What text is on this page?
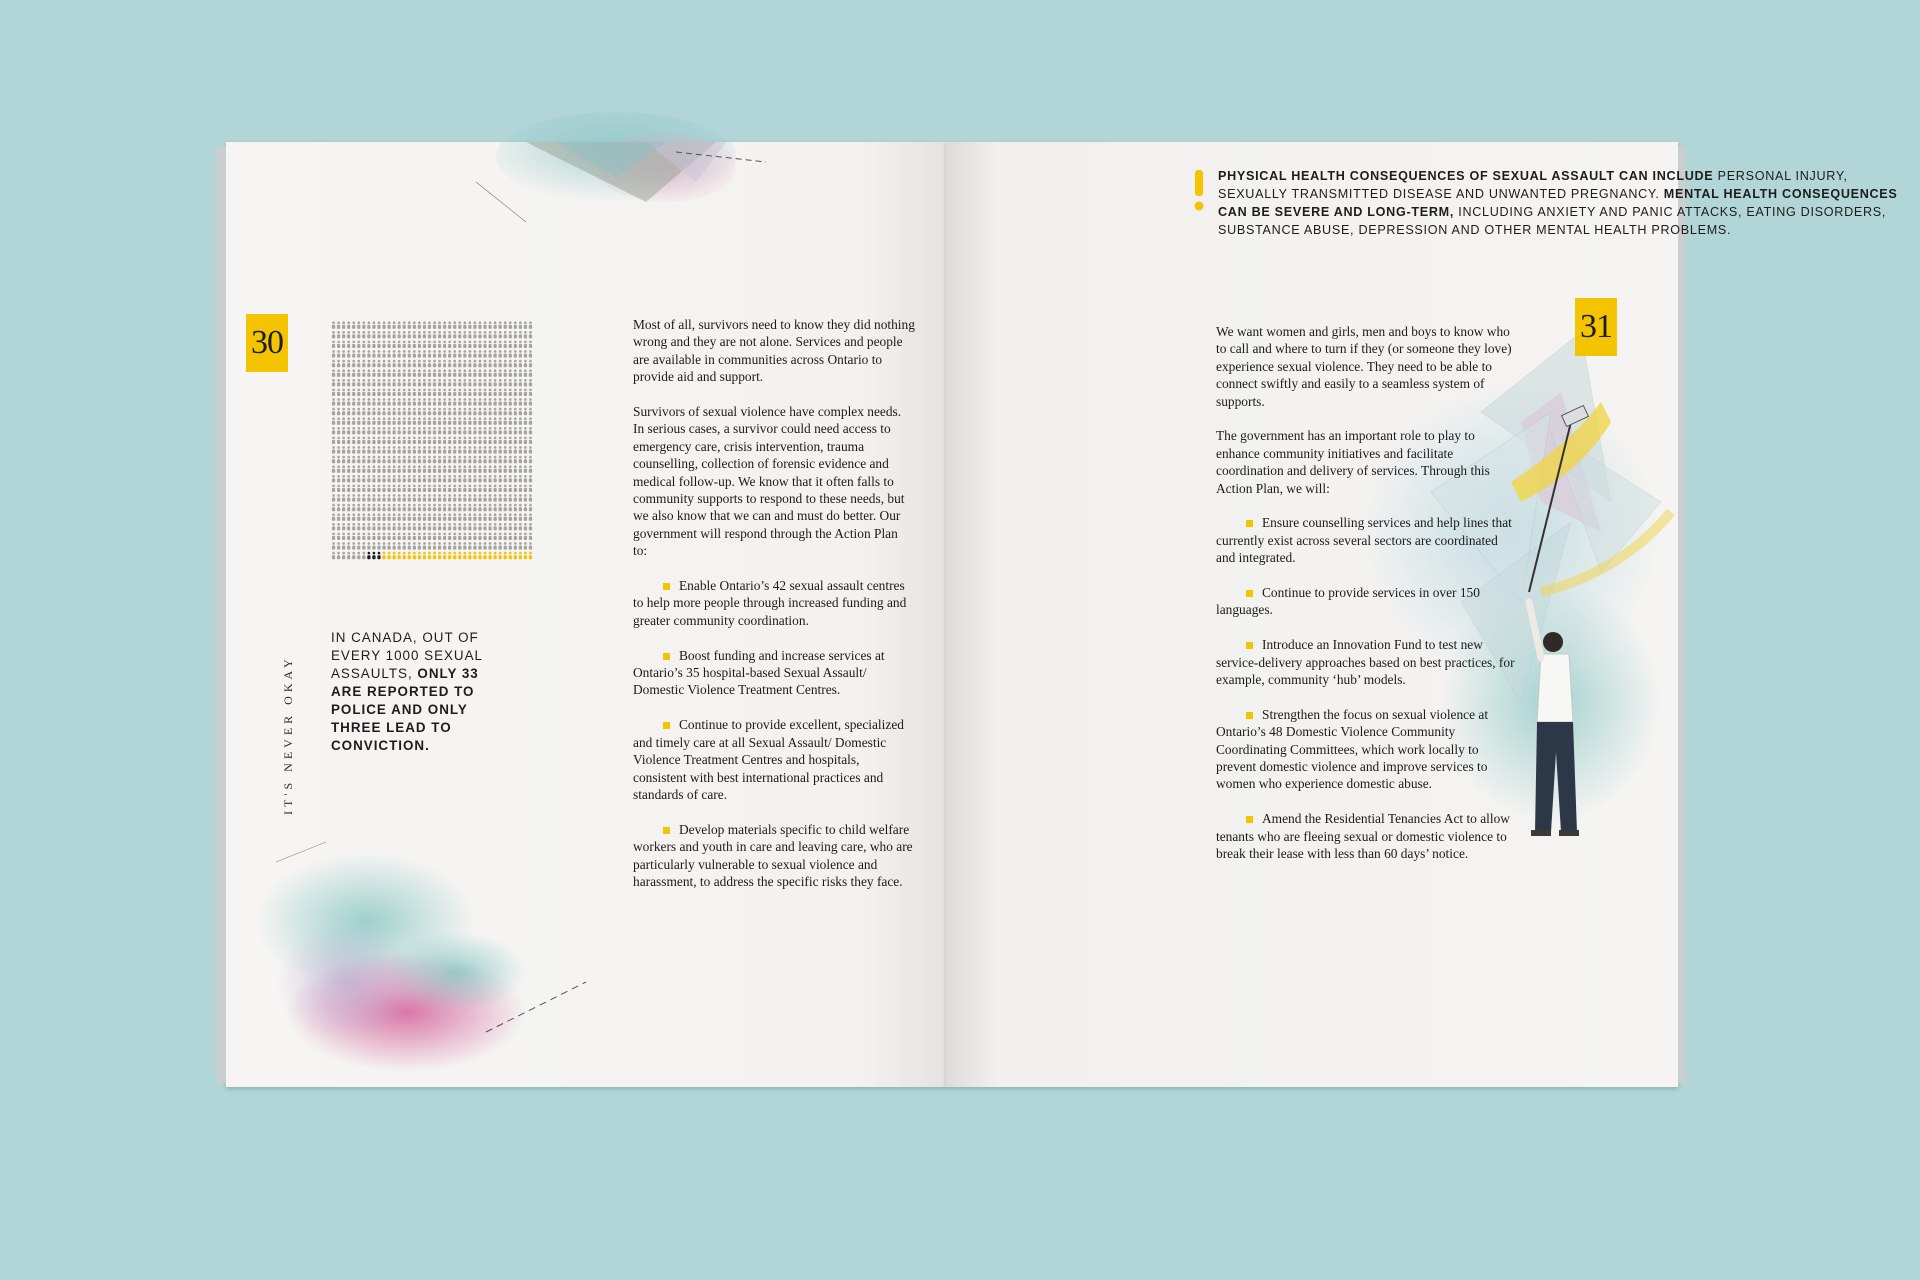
30
IN CANADA, OUT OF EVERY 1000 SEXUAL ASSAULTS, ONLY 33 ARE REPORTED TO POLICE AND ONLY THREE LEAD TO CONVICTION.
IT'S NEVER OKAY

Most of all, survivors need to know they did nothing wrong and they are not alone. Services and people are available in communities across Ontario to provide aid and support.

Survivors of sexual violence have complex needs. In serious cases, a survivor could need access to emergency care, crisis intervention, trauma counselling, collection of forensic evidence and medical follow-up. We know that it often falls to community supports to respond to these needs, but we also know that we can and must do better. Our government will respond through the Action Plan to:

Enable Ontario’s 42 sexual assault centres to help more people through increased funding and greater community coordination.
Boost funding and increase services at Ontario’s 35 hospital-based Sexual Assault/ Domestic Violence Treatment Centres.
Continue to provide excellent, specialized and timely care at all Sexual Assault/ Domestic Violence Treatment Centres and hospitals, consistent with best international practices and standards of care.
Develop materials specific to child welfare workers and youth in care and leaving care, who are particularly vulnerable to sexual violence and harassment, to address the specific risks they face.
PHYSICAL HEALTH CONSEQUENCES OF SEXUAL ASSAULT CAN INCLUDE PERSONAL INJURY, SEXUALLY TRANSMITTED DISEASE AND UNWANTED PREGNANCY. MENTAL HEALTH CONSEQUENCES CAN BE SEVERE AND LONG-TERM, INCLUDING ANXIETY AND PANIC ATTACKS, EATING DISORDERS, SUBSTANCE ABUSE, DEPRESSION AND OTHER MENTAL HEALTH PROBLEMS.
31

We want women and girls, men and boys to know who to call and where to turn if they (or someone they love) experience sexual violence. They need to be able to connect swiftly and easily to a seamless system of supports.

The government has an important role to play to enhance community initiatives and facilitate coordination and delivery of services. Through this Action Plan, we will:

Ensure counselling services and help lines that currently exist across several sectors are coordinated and integrated.
Continue to provide services in over 150 languages.
Introduce an Innovation Fund to test new service-delivery approaches based on best practices, for example, community ‘hub’ models.
Strengthen the focus on sexual violence at Ontario’s 48 Domestic Violence Community Coordinating Committees, which work locally to prevent domestic violence and improve services to women who experience domestic abuse.
Amend the Residential Tenancies Act to allow tenants who are fleeing sexual or domestic violence to break their lease with less than 60 days’ notice.
